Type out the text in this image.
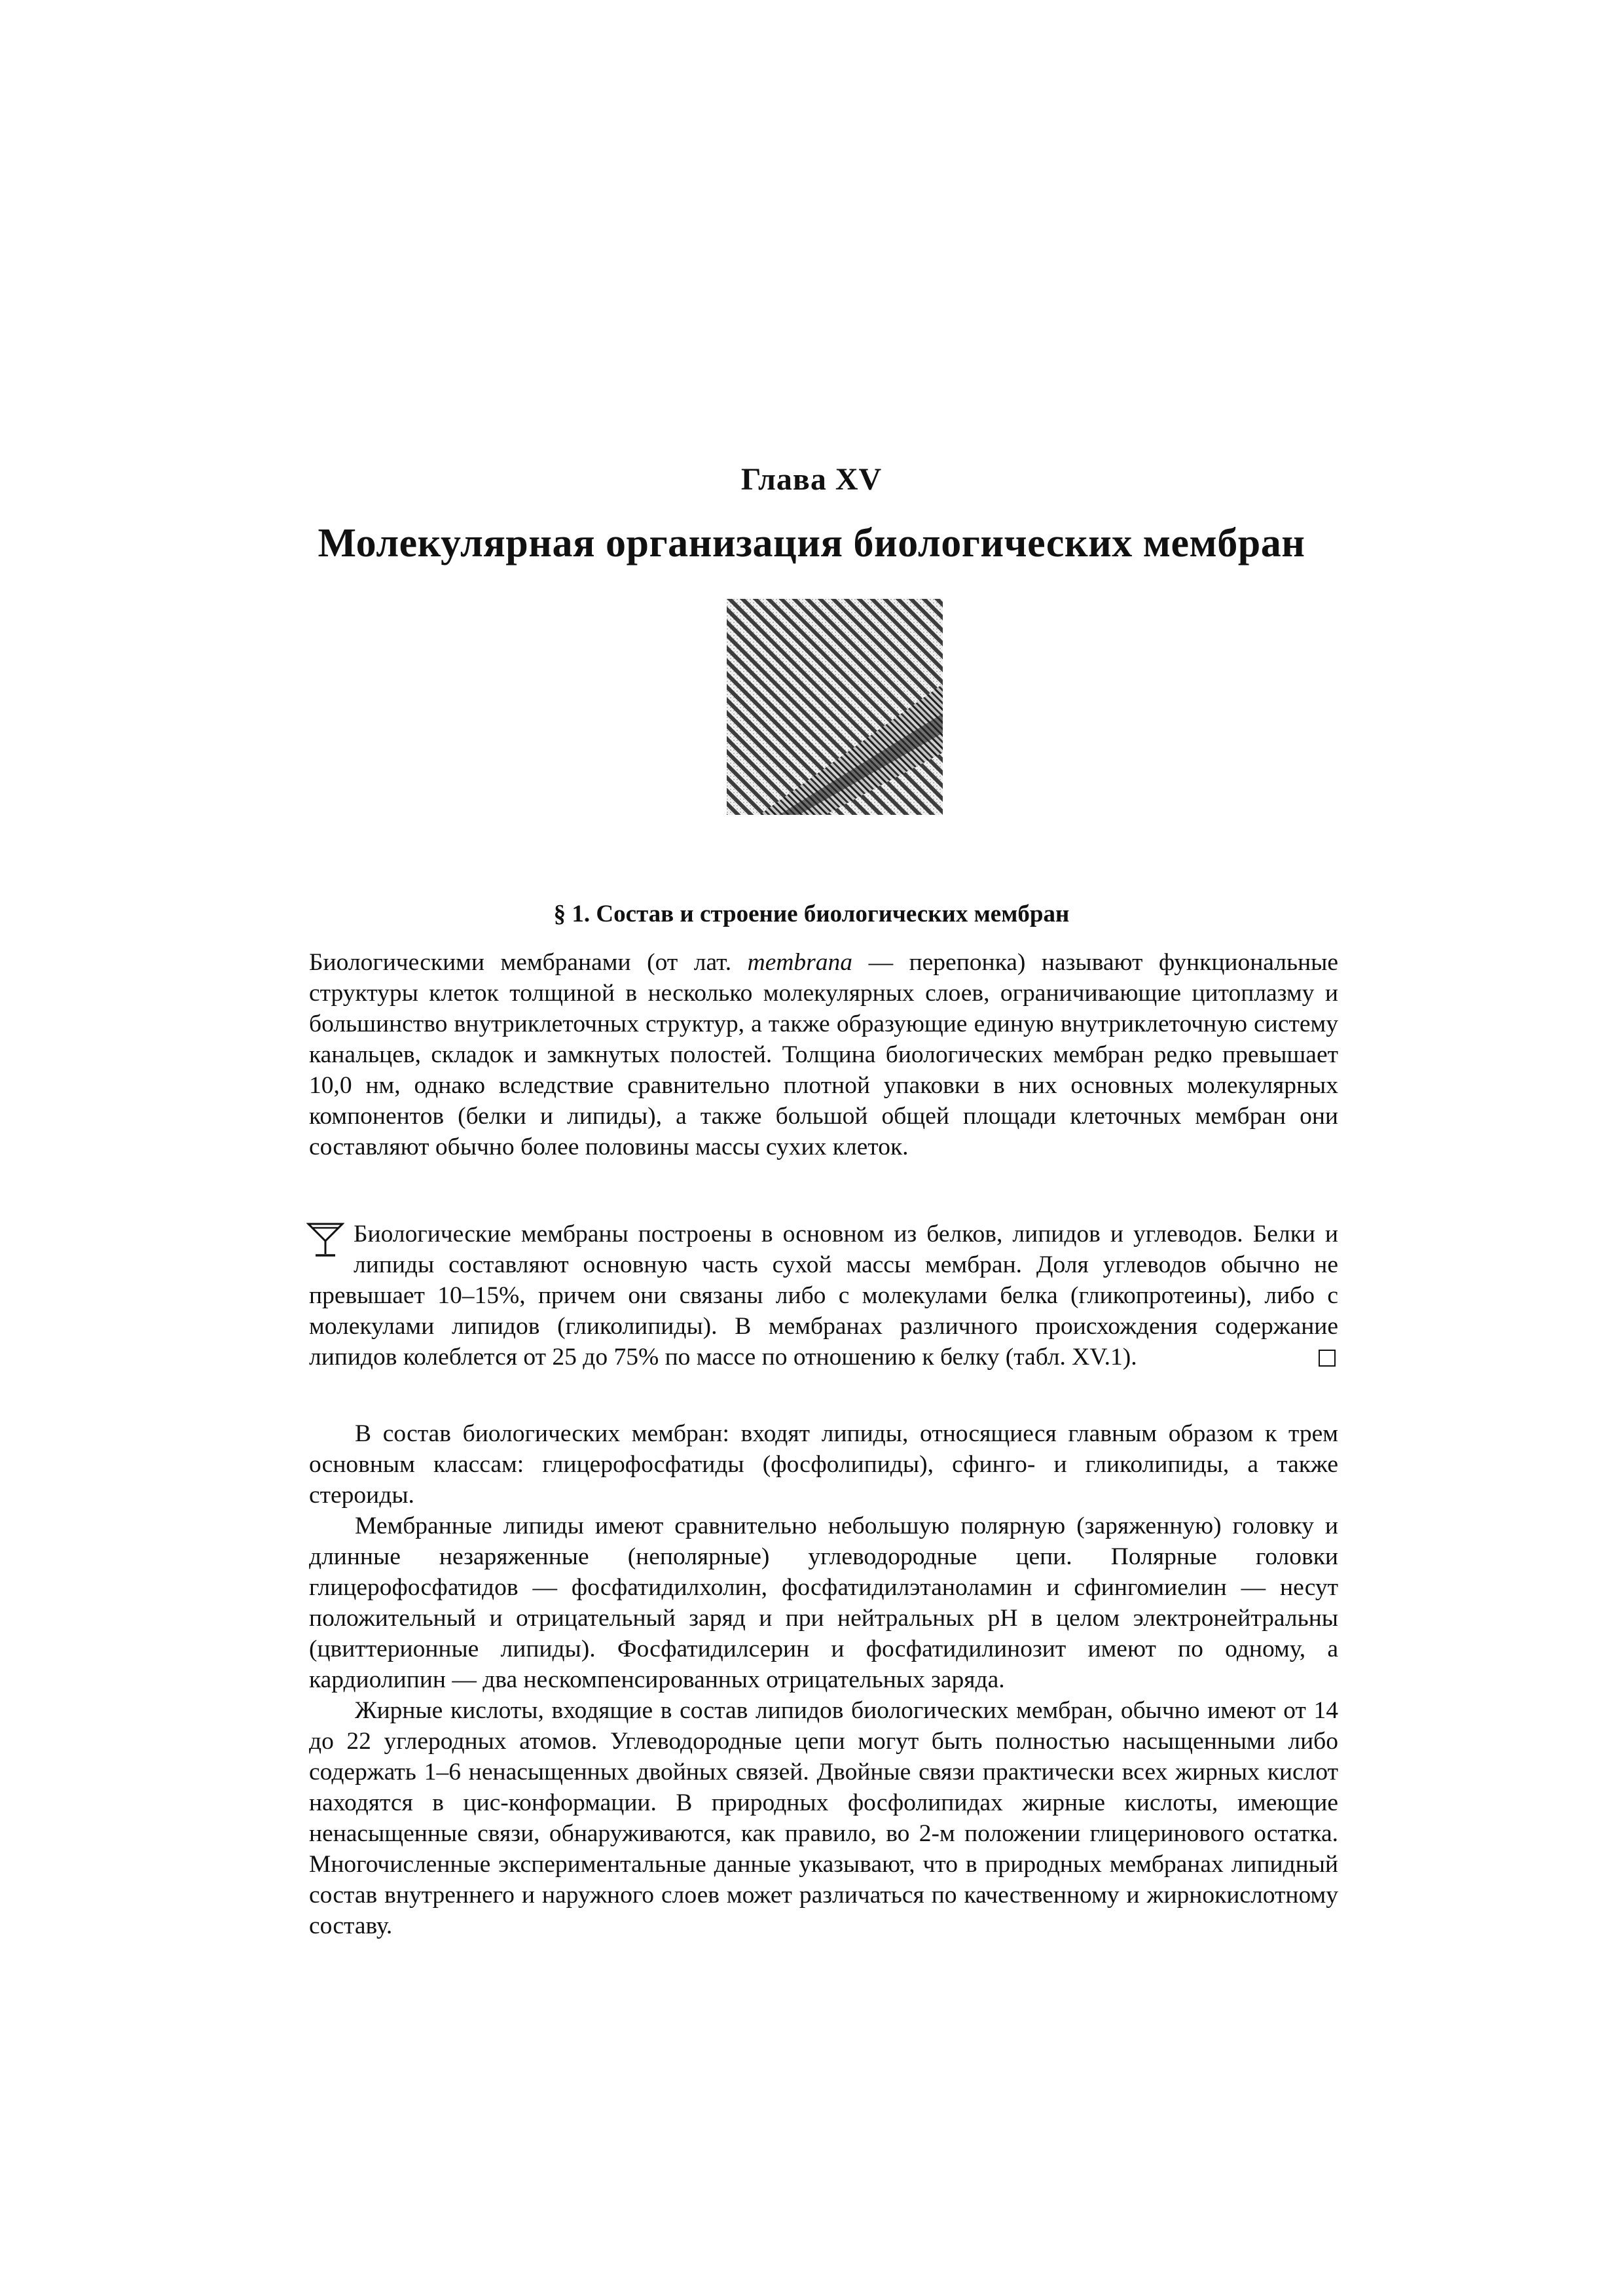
Глава XV
Молекулярная организация биологических мембран
§ 1. Состав и строение биологических мембран

Биологическими мембранами (от лат. membrana — перепонка) называют функциональные структуры клеток толщиной в несколько молекулярных слоев, ограничивающие цитоплазму и большинство внутриклеточных структур, а также образующие единую внутриклеточную систему канальцев, складок и замкнутых полостей. Толщина биологических мембран редко превышает 10,0 нм, однако вследствие сравнительно плотной упаковки в них основных молекулярных компонентов (белки и липиды), а также большой общей площади клеточных мембран они составляют обычно более половины массы сухих клеток.

Биологические мембраны построены в основном из белков, липидов и углеводов. Белки и липиды составляют основную часть сухой массы мембран. Доля углеводов обычно не превышает 10–15%, причем они связаны либо с молекулами белка (гликопротеины), либо с молекулами липидов (гликолипиды). В мембранах различного происхождения содержание липидов колеблется от 25 до 75% по массе по отношению к белку (табл. XV.1).

В состав биологических мембран: входят липиды, относящиеся главным образом к трем основным классам: глицерофосфатиды (фосфолипиды), сфинго- и гликолипиды, а также стероиды.

Мембранные липиды имеют сравнительно небольшую полярную (заряженную) головку и длинные незаряженные (неполярные) углеводородные цепи. Полярные головки глицерофосфатидов — фосфатидилхолин, фосфатидилэтаноламин и сфингомиелин — несут положительный и отрицательный заряд и при нейтральных pH в целом электронейтральны (цвиттерионные липиды). Фосфатидилсерин и фосфатидилинозит имеют по одному, а кардиолипин — два нескомпенсированных отрицательных заряда.

Жирные кислоты, входящие в состав липидов биологических мембран, обычно имеют от 14 до 22 углеродных атомов. Углеводородные цепи могут быть полностью насыщенными либо содержать 1–6 ненасыщенных двойных связей. Двойные связи практически всех жирных кислот находятся в цис-конформации. В природных фосфолипидах жирные кислоты, имеющие ненасыщенные связи, обнаруживаются, как правило, во 2-м положении глицеринового остатка. Многочисленные экспериментальные данные указывают, что в природных мембранах липидный состав внутреннего и наружного слоев может различаться по качественному и жирнокислотному составу.
